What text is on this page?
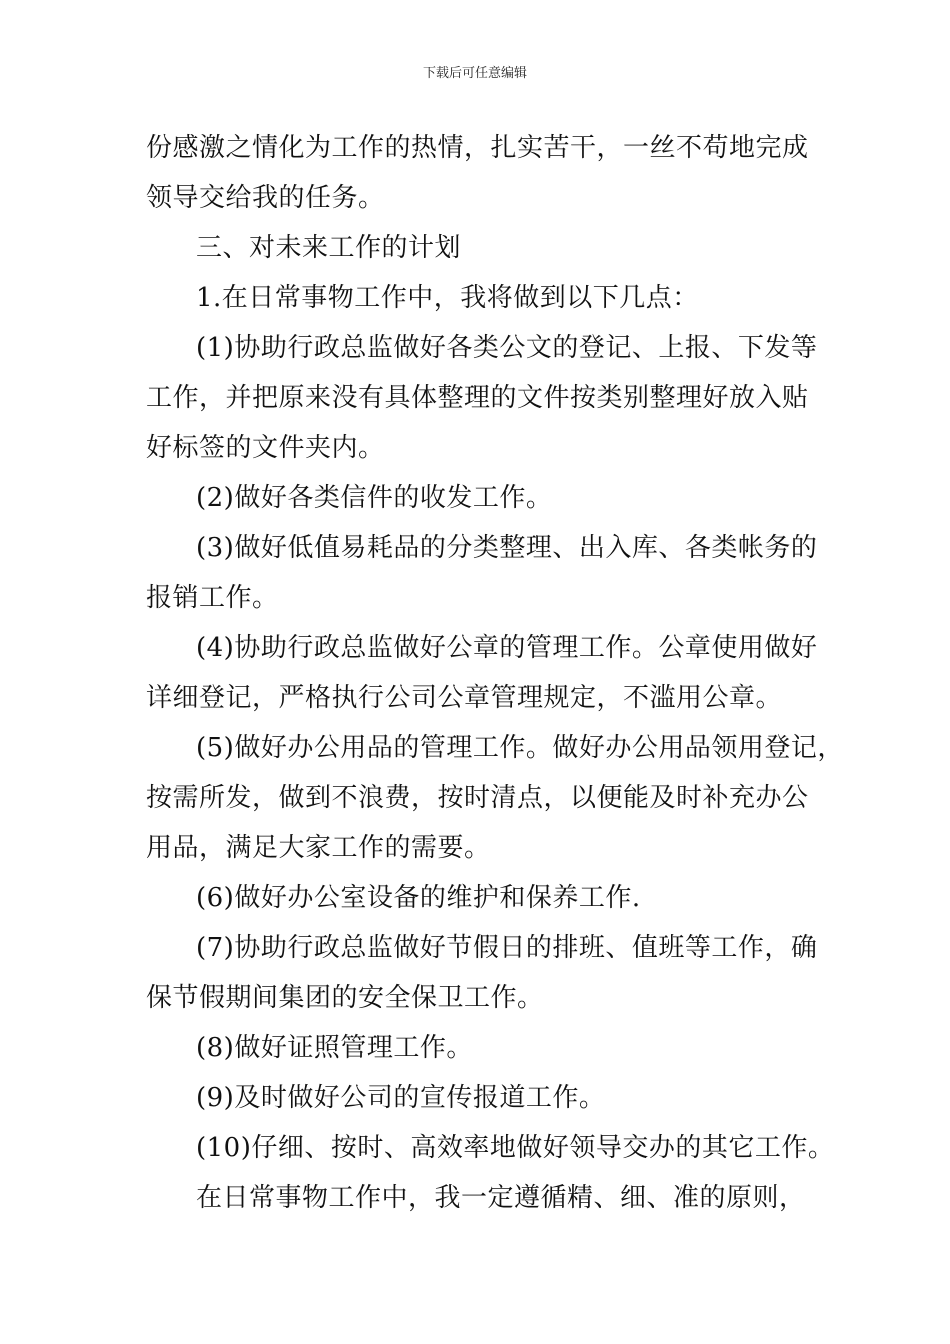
下载后可任意编辑
份感激之情化为工作的热情，扎实苦干，一丝不苟地完成
领导交给我的任务。
三、对未来工作的计划
1.在日常事物工作中，我将做到以下几点：
(1)协助行政总监做好各类公文的登记、上报、下发等
工作，并把原来没有具体整理的文件按类别整理好放入贴
好标签的文件夹内。
(2)做好各类信件的收发工作。
(3)做好低值易耗品的分类整理、出入库、各类帐务的
报销工作。
(4)协助行政总监做好公章的管理工作。公章使用做好
详细登记，严格执行公司公章管理规定，不滥用公章。
(5)做好办公用品的管理工作。做好办公用品领用登记，
按需所发，做到不浪费，按时清点，以便能及时补充办公
用品，满足大家工作的需要。
(6)做好办公室设备的维护和保养工作.
(7)协助行政总监做好节假日的排班、值班等工作，确
保节假期间集团的安全保卫工作。
(8)做好证照管理工作。
(9)及时做好公司的宣传报道工作。
(10)仔细、按时、高效率地做好领导交办的其它工作。
在日常事物工作中，我一定遵循精、细、准的原则，
